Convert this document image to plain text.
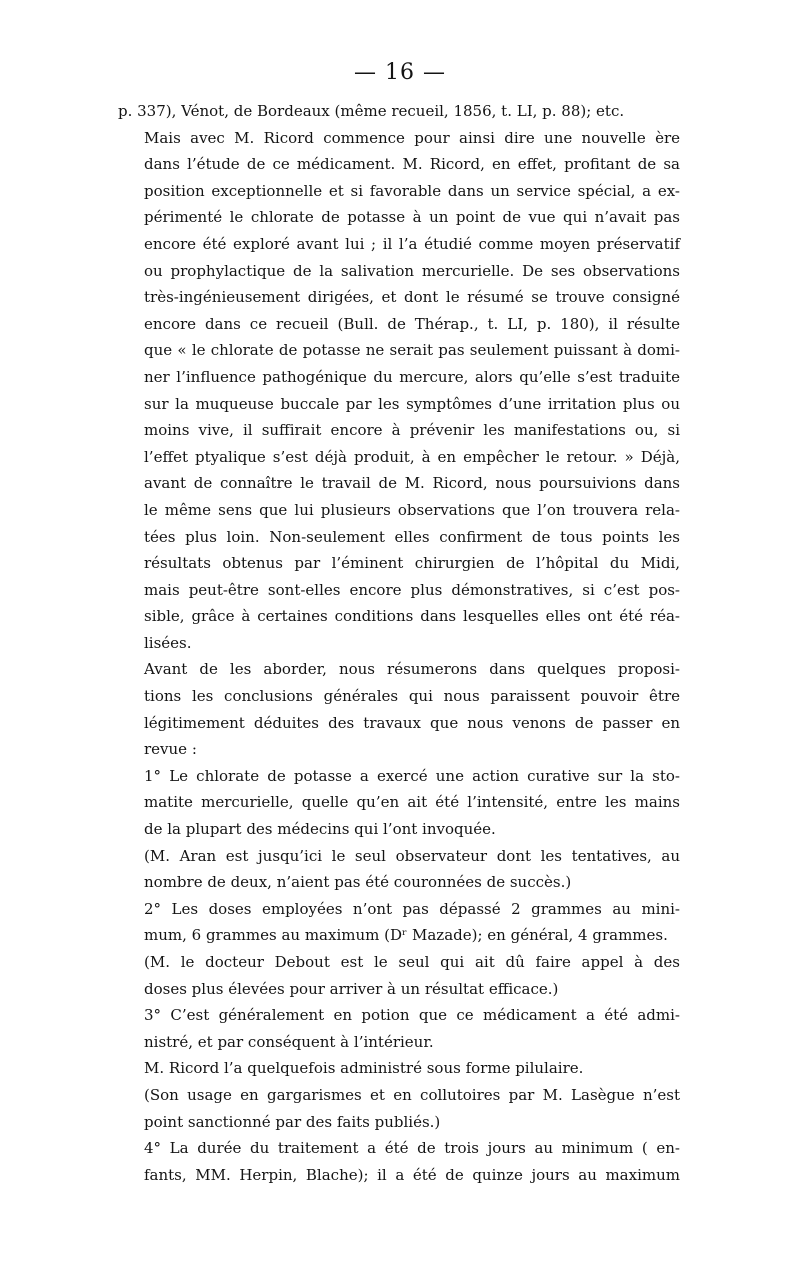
— 16 —

p. 337), Vénot, de Bordeaux (même recueil, 1856, t. LI, p. 88); etc.

Mais avec M. Ricord commence pour ainsi dire une nouvelle ère
dans l’étude de ce médicament. M. Ricord, en effet, profitant de sa
position exceptionnelle et si favorable dans un service spécial, a ex-
périmenté le chlorate de potasse à un point de vue qui n’avait pas
encore été exploré avant lui ; il l’a étudié comme moyen préservatif
ou prophylactique de la salivation mercurielle. De ses observations
très-ingénieusement dirigées, et dont le résumé se trouve consigné
encore dans ce recueil (Bull. de Thérap., t. LI, p. 180), il résulte
que « le chlorate de potasse ne serait pas seulement puissant à domi-
ner l’influence pathogénique du mercure, alors qu’elle s’est traduite
sur la muqueuse buccale par les symptômes d’une irritation plus ou
moins vive, il suffirait encore à prévenir les manifestations ou, si
l’effet ptyalique s’est déjà produit, à en empêcher le retour. » Déjà,
avant de connaître le travail de M. Ricord, nous poursuivions dans
le même sens que lui plusieurs observations que l’on trouvera rela-
tées plus loin. Non-seulement elles confirment de tous points les
résultats obtenus par l’éminent chirurgien de l’hôpital du Midi,
mais peut-être sont-elles encore plus démonstratives, si c’est pos-
sible, grâce à certaines conditions dans lesquelles elles ont été réa-
lisées.

Avant de les aborder, nous résumerons dans quelques proposi-
tions les conclusions générales qui nous paraissent pouvoir être
légitimement déduites des travaux que nous venons de passer en
revue :

1° Le chlorate de potasse a exercé une action curative sur la sto-
matite mercurielle, quelle qu’en ait été l’intensité, entre les mains
de la plupart des médecins qui l’ont invoquée.

(M. Aran est jusqu’ici le seul observateur dont les tentatives, au
nombre de deux, n’aient pas été couronnées de succès.)

2° Les doses employées n’ont pas dépassé 2 grammes au mini-
mum, 6 grammes au maximum (Dʳ Mazade); en général, 4 grammes.

(M. le docteur Debout est le seul qui ait dû faire appel à des
doses plus élevées pour arriver à un résultat efficace.)

3° C’est généralement en potion que ce médicament a été admi-
nistré, et par conséquent à l’intérieur.

M. Ricord l’a quelquefois administré sous forme pilulaire.

(Son usage en gargarismes et en collutoires par M. Lasègue n’est
point sanctionné par des faits publiés.)

4° La durée du traitement a été de trois jours au minimum ( en-
fants, MM. Herpin, Blache); il a été de quinze jours au maximum
